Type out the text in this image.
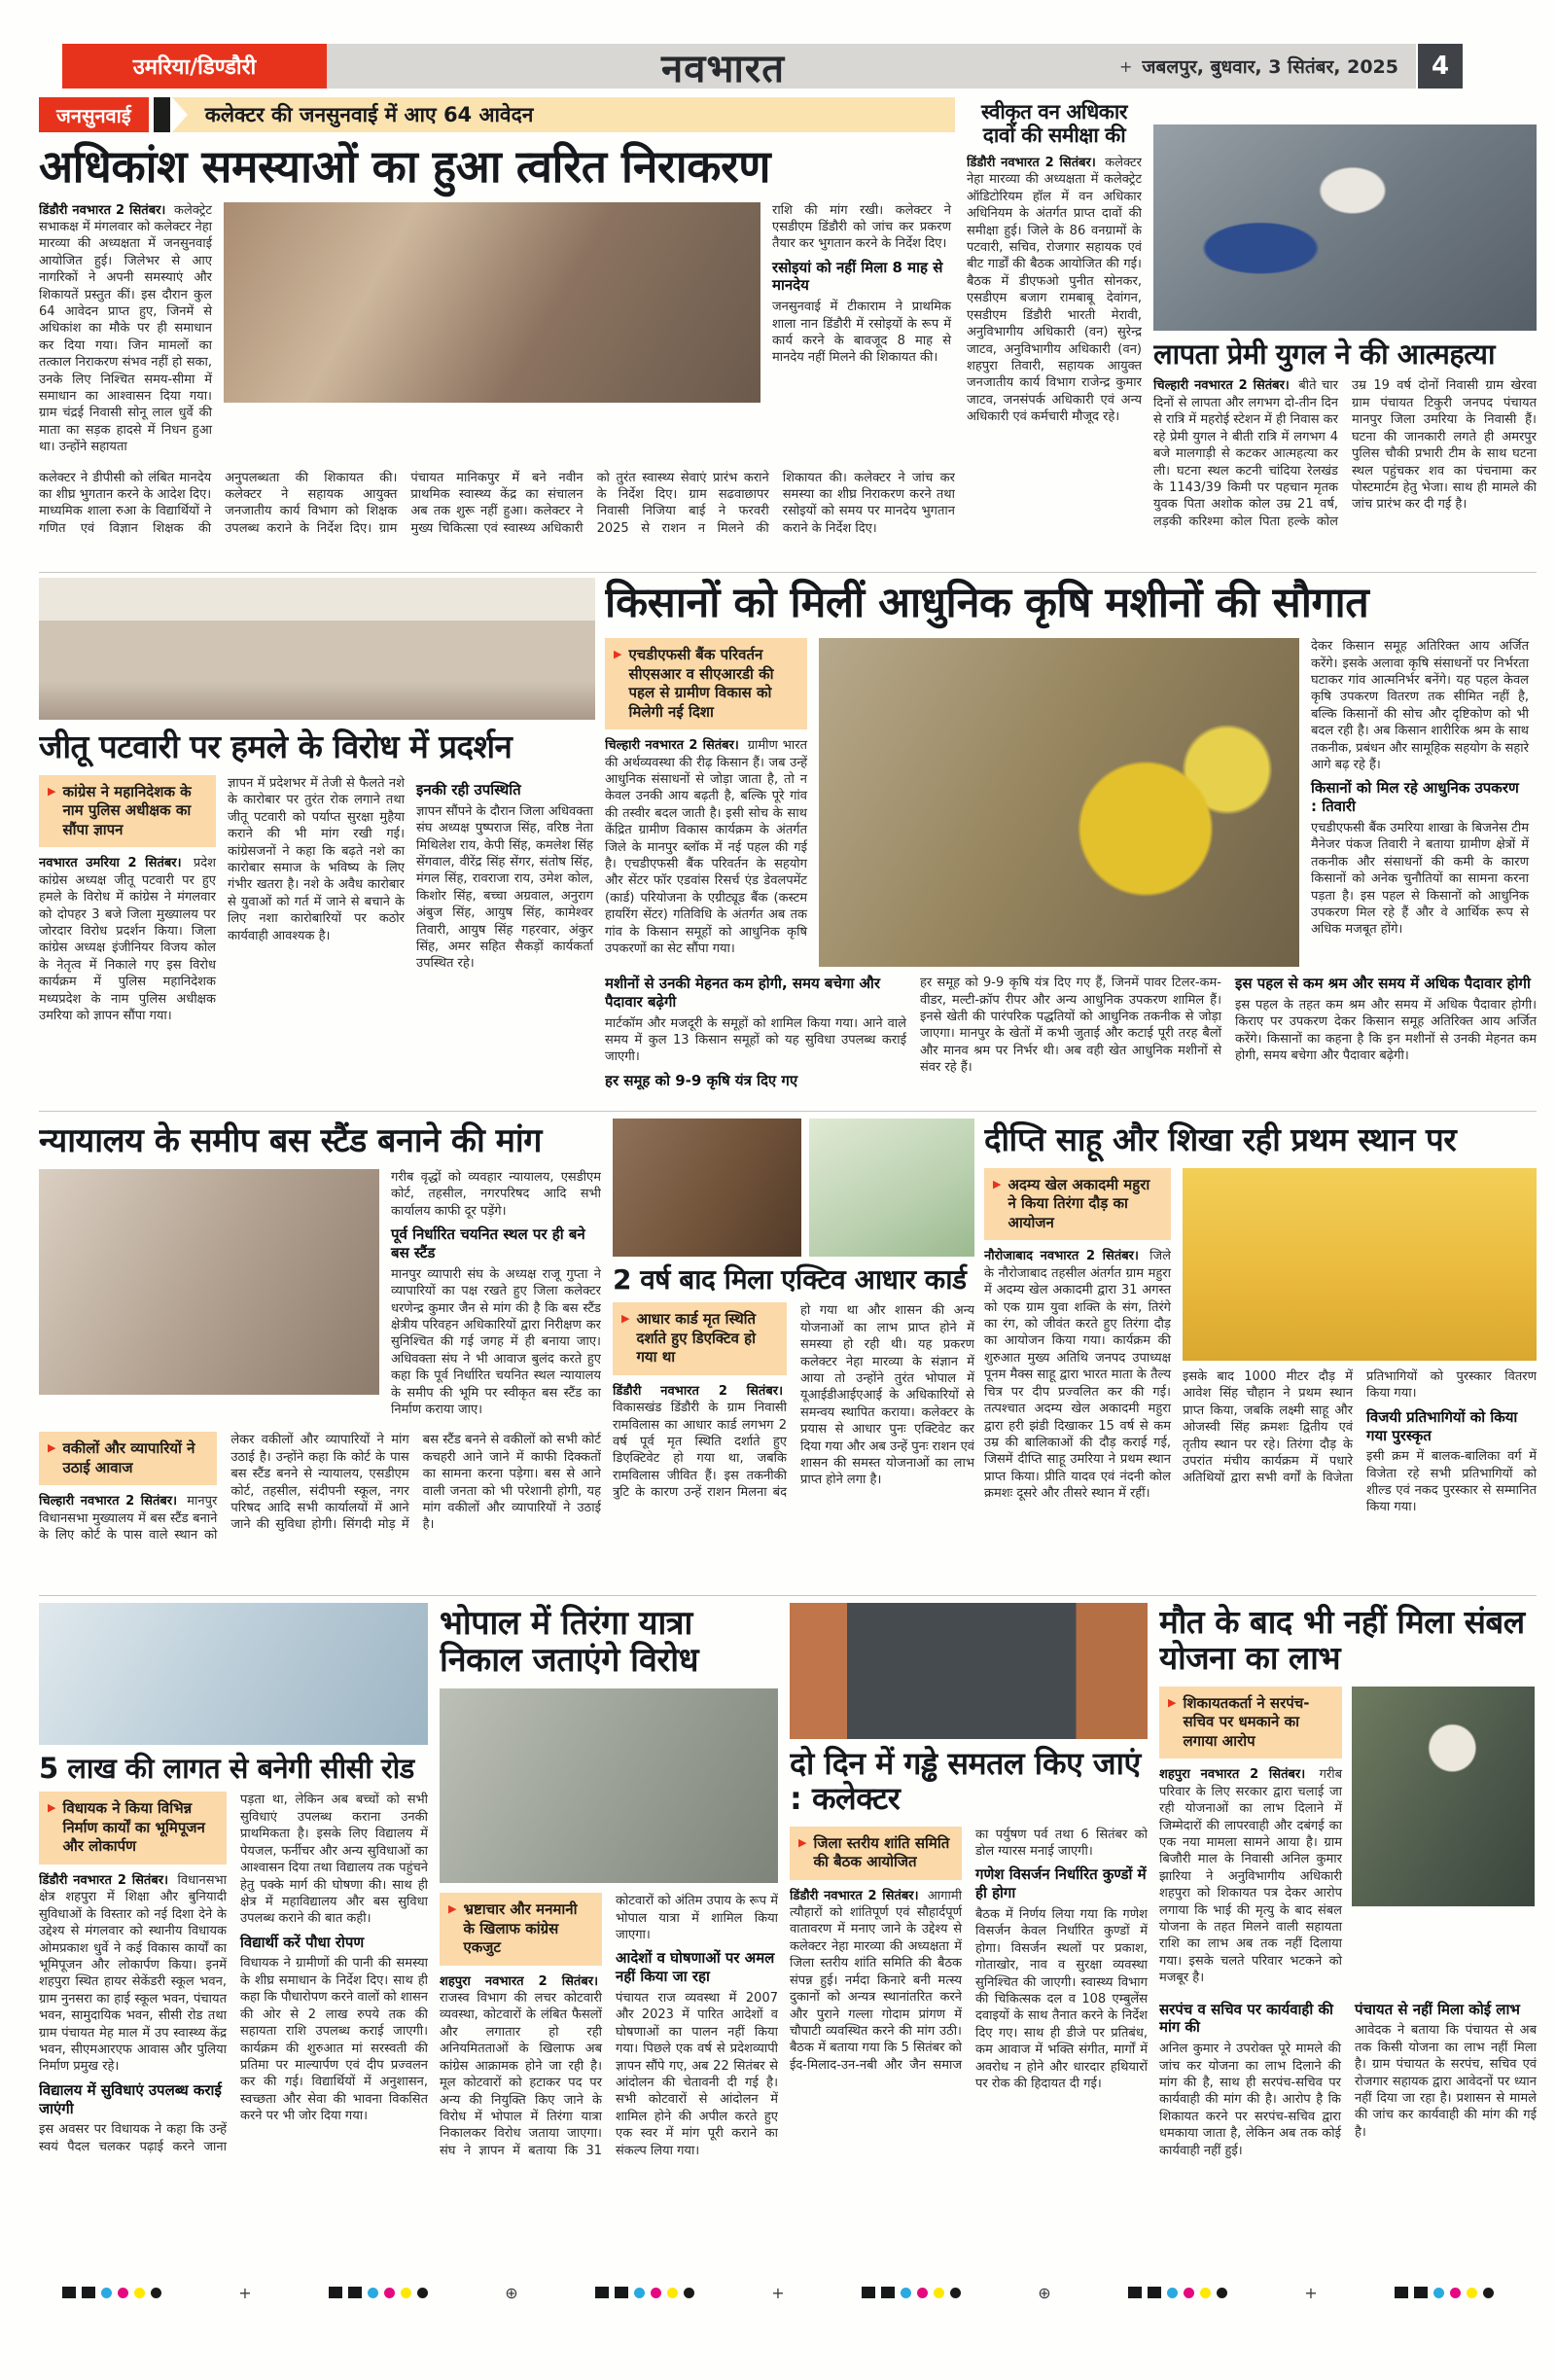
उमरिया/डिण्डौरी	नवभारत	+ जबलपुर, बुधवार, 3 सितंबर, 2025	4
जनसुनवाई	कलेक्टर की जनसुनवाई में आए 64 आवेदन
अधिकांश समस्याओं का हुआ त्वरित निराकरण

डिंडौरी नवभारत 2 सितंबर। कलेक्ट्रेट सभाकक्ष में मंगलवार को कलेक्टर नेहा मारव्या की अध्यक्षता में जनसुनवाई आयोजित हुई। जिलेभर से आए नागरिकों ने अपनी समस्याएं और शिकायतें प्रस्तुत कीं। इस दौरान कुल 64 आवेदन प्राप्त हुए, जिनमें से अधिकांश का मौके पर ही समाधान कर दिया गया। जिन मामलों का तत्काल निराकरण संभव नहीं हो सका, उनके लिए निश्चित समय-सीमा में समाधान का आश्वासन दिया गया। ग्राम चंद्रई निवासी सोनू लाल धुर्वे की माता का सड़क हादसे में निधन हुआ था। उन्होंने सहायता

राशि की मांग रखी। कलेक्टर ने एसडीएम डिंडौरी को जांच कर प्रकरण तैयार कर भुगतान करने के निर्देश दिए।

रसोइयां को नहीं मिला 8 माह से मानदेय

जनसुनवाई में टीकाराम ने प्राथमिक शाला नान डिंडौरी में रसोइयों के रूप में कार्य करने के बावजूद 8 माह से मानदेय नहीं मिलने की शिकायत की।

कलेक्टर ने डीपीसी को लंबित मानदेय का शीघ्र भुगतान करने के आदेश दिए। माध्यमिक शाला रुआ के विद्यार्थियों ने गणित एवं विज्ञान शिक्षक की अनुपलब्धता की शिकायत की। कलेक्टर ने सहायक आयुक्त जनजातीय कार्य विभाग को शिक्षक उपलब्ध कराने के निर्देश दिए। ग्राम पंचायत मानिकपुर में बने नवीन प्राथमिक स्वास्थ्य केंद्र का संचालन अब तक शुरू नहीं हुआ। कलेक्टर ने मुख्य चिकित्सा एवं स्वास्थ्य अधिकारी को तुरंत स्वास्थ्य सेवाएं प्रारंभ कराने के निर्देश दिए। ग्राम सढवाछापर निवासी निजिया बाई ने फरवरी 2025 से राशन न मिलने की शिकायत की। कलेक्टर ने जांच कर समस्या का शीघ्र निराकरण करने तथा रसोइयों को समय पर मानदेय भुगतान कराने के निर्देश दिए।
स्वीकृत वन अधिकार दावों की समीक्षा की

डिंडौरी नवभारत 2 सितंबर। कलेक्टर नेहा मारव्या की अध्यक्षता में कलेक्ट्रेट ऑडिटोरियम हॉल में वन अधिकार अधिनियम के अंतर्गत प्राप्त दावों की समीक्षा हुई। जिले के 86 वनग्रामों के पटवारी, सचिव, रोजगार सहायक एवं बीट गार्डों की बैठक आयोजित की गई। बैठक में डीएफओ पुनीत सोनकर, एसडीएम बजाग रामबाबू देवांगन, एसडीएम डिंडौरी भारती मेरावी, अनुविभागीय अधिकारी (वन) सुरेन्द्र जाटव, अनुविभागीय अधिकारी (वन) शहपुरा तिवारी, सहायक आयुक्त जनजातीय कार्य विभाग राजेन्द्र कुमार जाटव, जनसंपर्क अधिकारी एवं अन्य अधिकारी एवं कर्मचारी मौजूद रहे।

लापता प्रेमी युगल ने की आत्महत्या
चिल्हारी नवभारत 2 सितंबर। बीते चार दिनों से लापता और लगभग दो-तीन दिन से रात्रि में महरोई स्टेशन में ही निवास कर रहे प्रेमी युगल ने बीती रात्रि में लगभग 4 बजे मालगाड़ी से कटकर आत्महत्या कर ली। घटना स्थल कटनी चांदिया रेलखंड के 1143/39 किमी पर पहचान मृतक युवक पिता अशोक कोल उम्र 21 वर्ष, लड़की करिश्मा कोल पिता हल्के कोल उम्र 19 वर्ष दोनों निवासी ग्राम खेरवा ग्राम पंचायत टिकुरी जनपद पंचायत मानपुर जिला उमरिया के निवासी हैं। घटना की जानकारी लगते ही अमरपुर पुलिस चौकी प्रभारी टीम के साथ घटना स्थल पहुंचकर शव का पंचनामा कर पोस्टमार्टम हेतु भेजा। साथ ही मामले की जांच प्रारंभ कर दी गई है।
जीतू पटवारी पर हमले के विरोध में प्रदर्शन
▶ कांग्रेस ने महानिदेशक के नाम पुलिस अधीक्षक का सौंपा ज्ञापन

नवभारत उमरिया 2 सितंबर। प्रदेश कांग्रेस अध्यक्ष जीतू पटवारी पर हुए हमले के विरोध में कांग्रेस ने मंगलवार को दोपहर 3 बजे जिला मुख्यालय पर जोरदार विरोध प्रदर्शन किया। जिला कांग्रेस अध्यक्ष इंजीनियर विजय कोल के नेतृत्व में निकाले गए इस विरोध कार्यक्रम में पुलिस महानिदेशक मध्यप्रदेश के नाम पुलिस अधीक्षक उमरिया को ज्ञापन सौंपा गया।

ज्ञापन में प्रदेशभर में तेजी से फैलते नशे के कारोबार पर तुरंत रोक लगाने तथा जीतू पटवारी को पर्याप्त सुरक्षा मुहैया कराने की भी मांग रखी गई। कांग्रेसजनों ने कहा कि बढ़ते नशे का कारोबार समाज के भविष्य के लिए गंभीर खतरा है। नशे के अवैध कारोबार से युवाओं को गर्त में जाने से बचाने के लिए नशा कारोबारियों पर कठोर कार्यवाही आवश्यक है।

इनकी रही उपस्थिति

ज्ञापन सौंपने के दौरान जिला अधिवक्ता संघ अध्यक्ष पुष्पराज सिंह, वरिष्ठ नेता मिथिलेश राय, केपी सिंह, कमलेश सिंह सेंगवाल, वीरेंद्र सिंह सेंगर, संतोष सिंह, मंगल सिंह, रावराजा राय, उमेश कोल, किशोर सिंह, बच्चा अग्रवाल, अनुराग अंबुज सिंह, आयुष सिंह, कामेश्वर तिवारी, आयुष सिंह गहरवार, अंकुर सिंह, अमर सहित सैकड़ों कार्यकर्ता उपस्थित रहे।

किसानों को मिलीं आधुनिक कृषि मशीनों की सौगात
▶ एचडीएफसी बैंक परिवर्तन सीएसआर व सीएआरडी की पहल से ग्रामीण विकास को मिलेगी नई दिशा

चिल्हारी नवभारत 2 सितंबर। ग्रामीण भारत की अर्थव्यवस्था की रीढ़ किसान हैं। जब उन्हें आधुनिक संसाधनों से जोड़ा जाता है, तो न केवल उनकी आय बढ़ती है, बल्कि पूरे गांव की तस्वीर बदल जाती है। इसी सोच के साथ केंद्रित ग्रामीण विकास कार्यक्रम के अंतर्गत जिले के मानपुर ब्लॉक में नई पहल की गई है। एचडीएफसी बैंक परिवर्तन के सहयोग और सेंटर फॉर एडवांस रिसर्च एंड डेवलपमेंट (कार्ड) परियोजना के एग्रीट्यूड बैंक (कस्टम हायरिंग सेंटर) गतिविधि के अंतर्गत अब तक गांव के किसान समूहों को आधुनिक कृषि उपकरणों का सेट सौंपा गया।

देकर किसान समूह अतिरिक्त आय अर्जित करेंगे। इसके अलावा कृषि संसाधनों पर निर्भरता घटाकर गांव आत्मनिर्भर बनेंगे। यह पहल केवल कृषि उपकरण वितरण तक सीमित नहीं है, बल्कि किसानों की सोच और दृष्टिकोण को भी बदल रही है। अब किसान शारीरिक श्रम के साथ तकनीक, प्रबंधन और सामूहिक सहयोग के सहारे आगे बढ़ रहे हैं।

किसानों को मिल रहे आधुनिक उपकरण : तिवारी

एचडीएफसी बैंक उमरिया शाखा के बिजनेस टीम मैनेजर पंकज तिवारी ने बताया ग्रामीण क्षेत्रों में तकनीक और संसाधनों की कमी के कारण किसानों को अनेक चुनौतियों का सामना करना पड़ता है। इस पहल से किसानों को आधुनिक उपकरण मिल रहे हैं और वे आर्थिक रूप से अधिक मजबूत होंगे।

मशीनों से उनकी मेहनत कम होगी, समय बचेगा और पैदावार बढ़ेगी

मार्टकॉम और मजदूरी के समूहों को शामिल किया गया। आने वाले समय में कुल 13 किसान समूहों को यह सुविधा उपलब्ध कराई जाएगी।

हर समूह को 9-9 कृषि यंत्र दिए गए

हर समूह को 9-9 कृषि यंत्र दिए गए हैं, जिनमें पावर टिलर-कम-वीडर, मल्टी-क्रॉप रीपर और अन्य आधुनिक उपकरण शामिल हैं। इनसे खेती की पारंपरिक पद्धतियों को आधुनिक तकनीक से जोड़ा जाएगा। मानपुर के खेतों में कभी जुताई और कटाई पूरी तरह बैलों और मानव श्रम पर निर्भर थी। अब वही खेत आधुनिक मशीनों से संवर रहे हैं।

इस पहल से कम श्रम और समय में अधिक पैदावार होगी

इस पहल के तहत कम श्रम और समय में अधिक पैदावार होगी। किराए पर उपकरण देकर किसान समूह अतिरिक्त आय अर्जित करेंगे। किसानों का कहना है कि इन मशीनों से उनकी मेहनत कम होगी, समय बचेगा और पैदावार बढ़ेगी।

न्यायालय के समीप बस स्टैंड बनाने की मांग

गरीब वृद्धों को व्यवहार न्यायालय, एसडीएम कोर्ट, तहसील, नगरपरिषद आदि सभी कार्यालय काफी दूर पड़ेंगे।

पूर्व निर्धारित चयनित स्थल पर ही बने बस स्टैंड

मानपुर व्यापारी संघ के अध्यक्ष राजू गुप्ता ने व्यापारियों का पक्ष रखते हुए जिला कलेक्टर धरणेन्द्र कुमार जैन से मांग की है कि बस स्टैंड क्षेत्रीय परिवहन अधिकारियों द्वारा निरीक्षण कर सुनिश्चित की गई जगह में ही बनाया जाए। अधिवक्ता संघ ने भी आवाज बुलंद करते हुए कहा कि पूर्व निर्धारित चयनित स्थल न्यायालय के समीप की भूमि पर स्वीकृत बस स्टैंड का निर्माण कराया जाए।

▶ वकीलों और व्यापारियों ने उठाई आवाज

चिल्हारी नवभारत 2 सितंबर। मानपुर विधानसभा मुख्यालय में बस स्टैंड बनाने के लिए कोर्ट के पास वाले स्थान को लेकर वकीलों और व्यापारियों ने मांग उठाई है। उन्होंने कहा कि कोर्ट के पास बस स्टैंड बनने से न्यायालय, एसडीएम कोर्ट, तहसील, संदीपनी स्कूल, नगर परिषद आदि सभी कार्यालयों में आने जाने की सुविधा होगी। सिंगदी मोड़ में बस स्टैंड बनने से वकीलों को सभी कोर्ट कचहरी आने जाने में काफी दिक्कतों का सामना करना पड़ेगा। बस से आने वाली जनता को भी परेशानी होगी, यह मांग वकीलों और व्यापारियों ने उठाई है।

2 वर्ष बाद मिला एक्टिव आधार कार्ड
▶ आधार कार्ड मृत स्थिति दर्शाते हुए डिएक्टिव हो गया था

डिंडौरी नवभारत 2 सितंबर। विकासखंड डिंडौरी के ग्राम निवासी रामविलास का आधार कार्ड लगभग 2 वर्ष पूर्व मृत स्थिति दर्शाते हुए डिएक्टिवेट हो गया था, जबकि रामविलास जीवित हैं। इस तकनीकी त्रुटि के कारण उन्हें राशन मिलना बंद हो गया था और शासन की अन्य योजनाओं का लाभ प्राप्त होने में समस्या हो रही थी। यह प्रकरण कलेक्टर नेहा मारव्या के संज्ञान में आया तो उन्होंने तुरंत भोपाल में यूआईडीआईएआई के अधिकारियों से समन्वय स्थापित कराया। कलेक्टर के प्रयास से आधार पुनः एक्टिवेट कर दिया गया और अब उन्हें पुनः राशन एवं शासन की समस्त योजनाओं का लाभ प्राप्त होने लगा है।

दीप्ति साहू और शिखा रही प्रथम स्थान पर
▶ अदम्य खेल अकादमी महुरा ने किया तिरंगा दौड़ का आयोजन

नौरोजाबाद नवभारत 2 सितंबर। जिले के नौरोजाबाद तहसील अंतर्गत ग्राम महुरा में अदम्य खेल अकादमी द्वारा 31 अगस्त को एक ग्राम युवा शक्ति के संग, तिरंगे का रंग, को जीवंत करते हुए तिरंगा दौड़ का आयोजन किया गया। कार्यक्रम की शुरुआत मुख्य अतिथि जनपद उपाध्यक्ष पूनम मैक्स साहू द्वारा भारत माता के तैल्य चित्र पर दीप प्रज्वलित कर की गई। तत्पश्चात अदम्य खेल अकादमी महुरा द्वारा हरी झंडी दिखाकर 15 वर्ष से कम उम्र की बालिकाओं की दौड़ कराई गई, जिसमें दीप्ति साहू उमरिया ने प्रथम स्थान प्राप्त किया। प्रीति यादव एवं नंदनी कोल क्रमशः दूसरे और तीसरे स्थान में रहीं।

इसके बाद 1000 मीटर दौड़ में आवेश सिंह चौहान ने प्रथम स्थान प्राप्त किया, जबकि लक्ष्मी साहू और ओजस्वी सिंह क्रमशः द्वितीय एवं तृतीय स्थान पर रहे। तिरंगा दौड़ के उपरांत मंचीय कार्यक्रम में पधारे अतिथियों द्वारा सभी वर्गों के विजेता प्रतिभागियों को पुरस्कार वितरण किया गया।

विजयी प्रतिभागियों को किया गया पुरस्कृत

इसी क्रम में बालक-बालिका वर्ग में विजेता रहे सभी प्रतिभागियों को शील्ड एवं नकद पुरस्कार से सम्मानित किया गया।

5 लाख की लागत से बनेगी सीसी रोड
▶ विधायक ने किया विभिन्न निर्माण कार्यों का भूमिपूजन और लोकार्पण

डिंडौरी नवभारत 2 सितंबर। विधानसभा क्षेत्र शहपुरा में शिक्षा और बुनियादी सुविधाओं के विस्तार को नई दिशा देने के उद्देश्य से मंगलवार को स्थानीय विधायक ओमप्रकाश धुर्वे ने कई विकास कार्यों का भूमिपूजन और लोकार्पण किया। इनमें शहपुरा स्थित हायर सेकेंडरी स्कूल भवन, ग्राम नुनसरा का हाई स्कूल भवन, पंचायत भवन, सामुदायिक भवन, सीसी रोड तथा ग्राम पंचायत मेह माल में उप स्वास्थ्य केंद्र भवन, सीएमआरएफ आवास और पुलिया निर्माण प्रमुख रहे।

विद्यालय में सुविधाएं उपलब्ध कराई जाएंगी

इस अवसर पर विधायक ने कहा कि उन्हें स्वयं पैदल चलकर पढ़ाई करने जाना पड़ता था, लेकिन अब बच्चों को सभी सुविधाएं उपलब्ध कराना उनकी प्राथमिकता है। इसके लिए विद्यालय में पेयजल, फर्नीचर और अन्य सुविधाओं का आश्वासन दिया तथा विद्यालय तक पहुंचने हेतु पक्के मार्ग की घोषणा की। साथ ही क्षेत्र में महाविद्यालय और बस सुविधा उपलब्ध कराने की बात कही।

विद्यार्थी करें पौधा रोपण

विधायक ने ग्रामीणों की पानी की समस्या के शीघ्र समाधान के निर्देश दिए। साथ ही कहा कि पौधारोपण करने वालों को शासन की ओर से 2 लाख रुपये तक की सहायता राशि उपलब्ध कराई जाएगी। कार्यक्रम की शुरुआत मां सरस्वती की प्रतिमा पर माल्यार्पण एवं दीप प्रज्वलन कर की गई। विद्यार्थियों में अनुशासन, स्वच्छता और सेवा की भावना विकसित करने पर भी जोर दिया गया।

भोपाल में तिरंगा यात्रा निकाल जताएंगे विरोध
▶ भ्रष्टाचार और मनमानी के खिलाफ कांग्रेस एकजुट

शहपुरा नवभारत 2 सितंबर। राजस्व विभाग की लचर कोटवारी व्यवस्था, कोटवारों के लंबित फैसलों और लगातार हो रही अनियमितताओं के खिलाफ अब कांग्रेस आक्रामक होने जा रही है। मूल कोटवारों को हटाकर पद पर अन्य की नियुक्ति किए जाने के विरोध में भोपाल में तिरंगा यात्रा निकालकर विरोध जताया जाएगा। संघ ने ज्ञापन में बताया कि 31 कोटवारों को अंतिम उपाय के रूप में भोपाल यात्रा में शामिल किया जाएगा।

आदेशों व घोषणाओं पर अमल नहीं किया जा रहा

पंचायत राज व्यवस्था में 2007 और 2023 में पारित आदेशों व घोषणाओं का पालन नहीं किया गया। पिछले एक वर्ष से प्रदेशव्यापी ज्ञापन सौंपे गए, अब 22 सितंबर से आंदोलन की चेतावनी दी गई है। सभी कोटवारों से आंदोलन में शामिल होने की अपील करते हुए एक स्वर में मांग पूरी कराने का संकल्प लिया गया।

दो दिन में गड्ढे समतल किए जाएं : कलेक्टर
▶ जिला स्तरीय शांति समिति की बैठक आयोजित

डिंडौरी नवभारत 2 सितंबर। आगामी त्यौहारों को शांतिपूर्ण एवं सौहार्दपूर्ण वातावरण में मनाए जाने के उद्देश्य से कलेक्टर नेहा मारव्या की अध्यक्षता में जिला स्तरीय शांति समिति की बैठक संपन्न हुई। नर्मदा किनारे बनी मत्स्य दुकानों को अन्यत्र स्थानांतरित करने और पुराने गल्ला गोदाम प्रांगण में चौपाटी व्यवस्थित करने की मांग उठी। बैठक में बताया गया कि 5 सितंबर को ईद-मिलाद-उन-नबी और जैन समाज का पर्युषण पर्व तथा 6 सितंबर को डोल ग्यारस मनाई जाएगी।

गणेश विसर्जन निर्धारित कुण्डों में ही होगा

बैठक में निर्णय लिया गया कि गणेश विसर्जन केवल निर्धारित कुण्डों में होगा। विसर्जन स्थलों पर प्रकाश, गोताखोर, नाव व सुरक्षा व्यवस्था सुनिश्चित की जाएगी। स्वास्थ्य विभाग की चिकित्सक दल व 108 एम्बुलेंस दवाइयों के साथ तैनात करने के निर्देश दिए गए। साथ ही डीजे पर प्रतिबंध, कम आवाज में भक्ति संगीत, मार्गों में अवरोध न होने और धारदार हथियारों पर रोक की हिदायत दी गई।

मौत के बाद भी नहीं मिला संबल योजना का लाभ
▶ शिकायतकर्ता ने सरपंच-सचिव पर धमकाने का लगाया आरोप

शहपुरा नवभारत 2 सितंबर। गरीब परिवार के लिए सरकार द्वारा चलाई जा रही योजनाओं का लाभ दिलाने में जिम्मेदारों की लापरवाही और दबंगई का एक नया मामला सामने आया है। ग्राम बिजौरी माल के निवासी अनिल कुमार झारिया ने अनुविभागीय अधिकारी शहपुरा को शिकायत पत्र देकर आरोप लगाया कि भाई की मृत्यु के बाद संबल योजना के तहत मिलने वाली सहायता राशि का लाभ अब तक नहीं दिलाया गया। इसके चलते परिवार भटकने को मजबूर है।

सरपंच व सचिव पर कार्यवाही की मांग की

अनिल कुमार ने उपरोक्त पूरे मामले की जांच कर योजना का लाभ दिलाने की मांग की है, साथ ही सरपंच-सचिव पर कार्यवाही की मांग की है। आरोप है कि शिकायत करने पर सरपंच-सचिव द्वारा धमकाया जाता है, लेकिन अब तक कोई कार्यवाही नहीं हुई।

पंचायत से नहीं मिला कोई लाभ

आवेदक ने बताया कि पंचायत से अब तक किसी योजना का लाभ नहीं मिला है। ग्राम पंचायत के सरपंच, सचिव एवं रोजगार सहायक द्वारा आवेदनों पर ध्यान नहीं दिया जा रहा है। प्रशासन से मामले की जांच कर कार्यवाही की मांग की गई है।

+	⊕	+	⊕	+
